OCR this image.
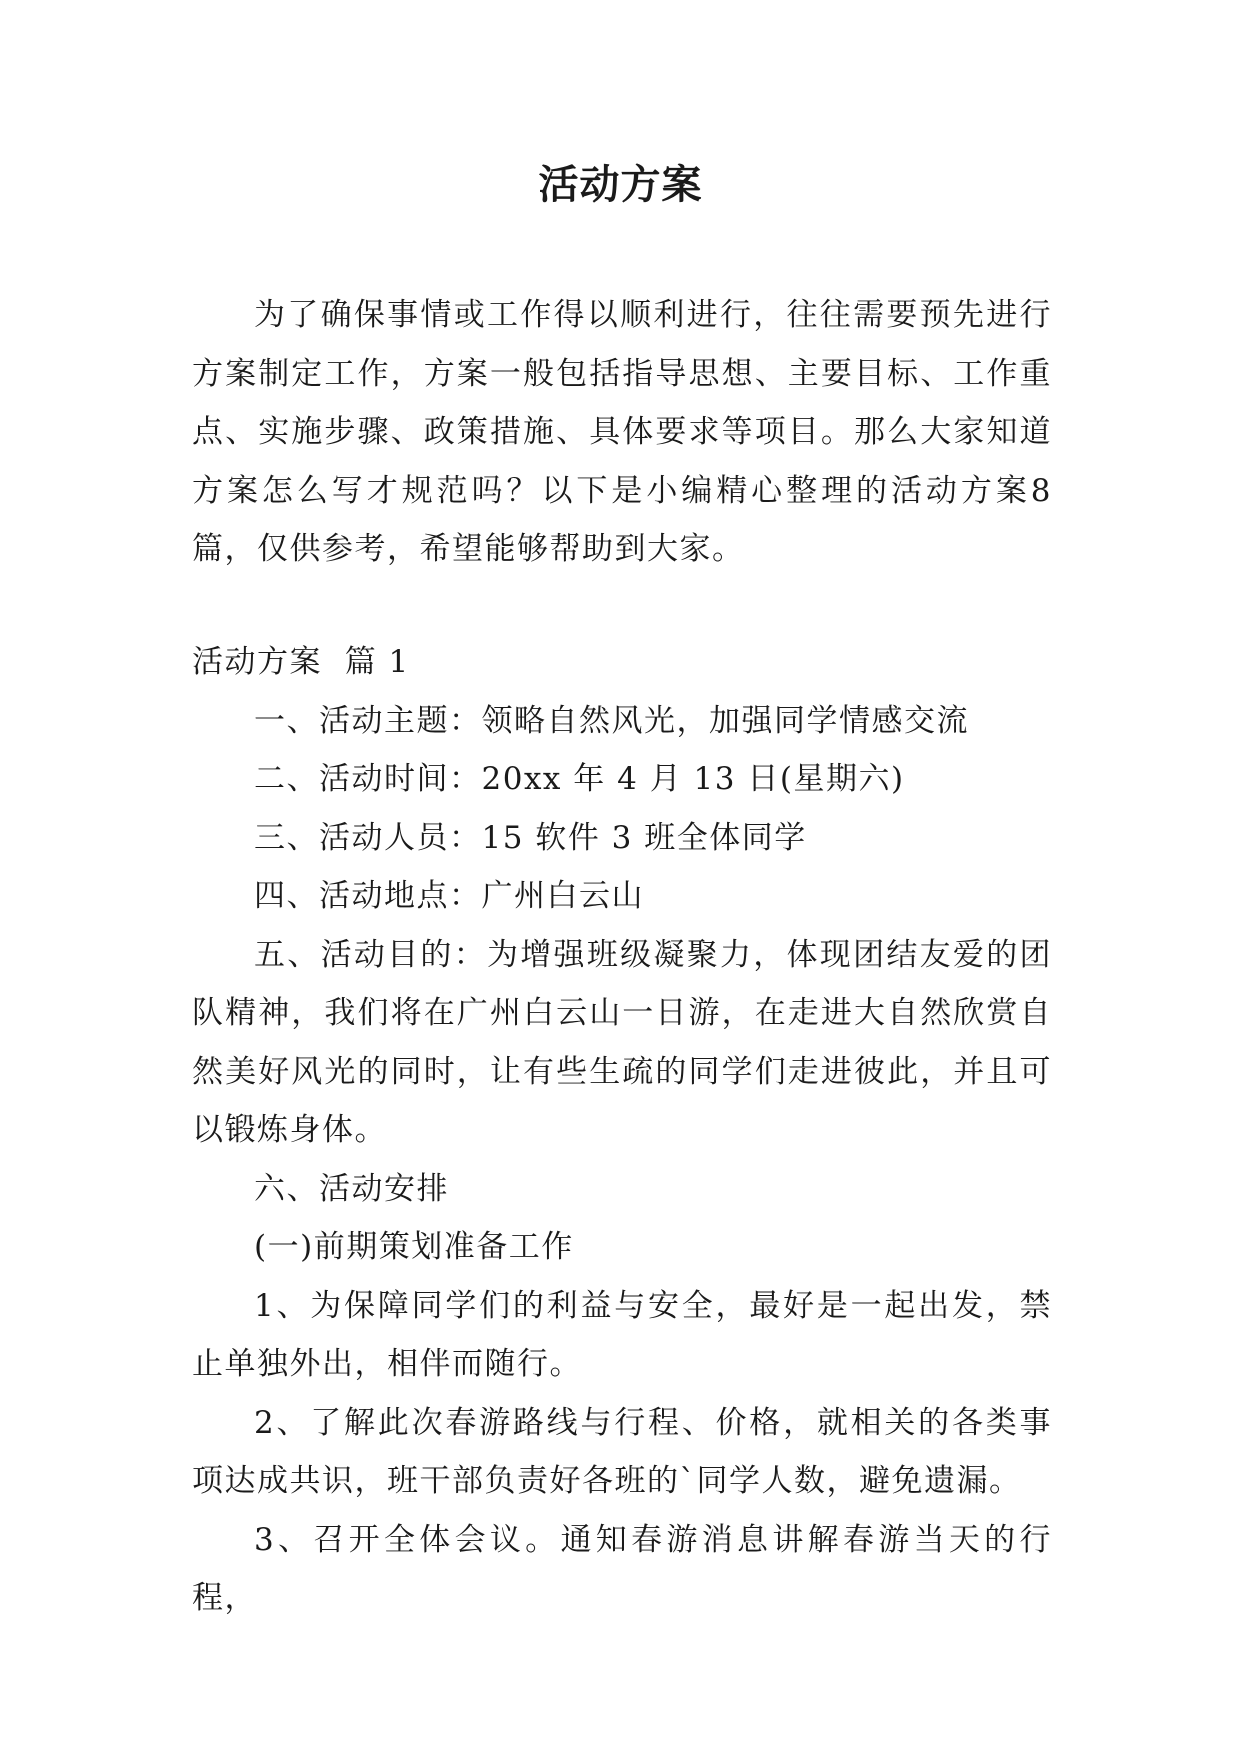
活动方案

为了确保事情或工作得以顺利进行，往往需要预先进行方案制定工作，方案一般包括指导思想、主要目标、工作重点、实施步骤、政策措施、具体要求等项目。那么大家知道方案怎么写才规范吗？以下是小编精心整理的活动方案8篇，仅供参考，希望能够帮助到大家。

活动方案  篇 1

一、活动主题：领略自然风光，加强同学情感交流

二、活动时间：20xx 年 4 月 13 日(星期六)

三、活动人员：15 软件 3 班全体同学

四、活动地点：广州白云山

五、活动目的：为增强班级凝聚力，体现团结友爱的团队精神，我们将在广州白云山一日游，在走进大自然欣赏自然美好风光的同时，让有些生疏的同学们走进彼此，并且可以锻炼身体。

六、活动安排

(一)前期策划准备工作

1、为保障同学们的利益与安全，最好是一起出发，禁止单独外出，相伴而随行。

2、了解此次春游路线与行程、价格，就相关的各类事项达成共识，班干部负责好各班的`同学人数，避免遗漏。

3、召开全体会议。通知春游消息讲解春游当天的行程，
